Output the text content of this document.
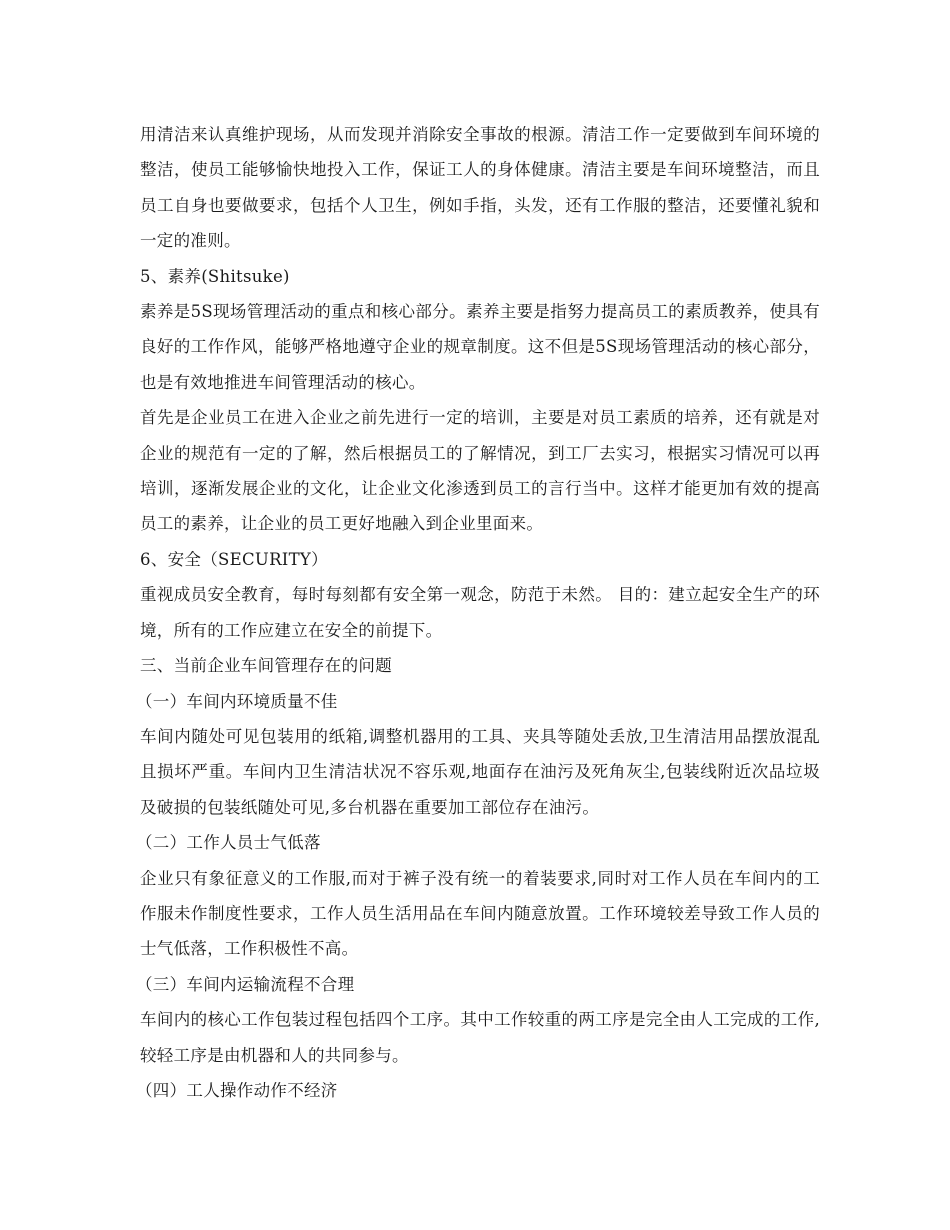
用清洁来认真维护现场，从而发现并消除安全事故的根源。清洁工作一定要做到车间环境的整洁，使员工能够愉快地投入工作，保证工人的身体健康。清洁主要是车间环境整洁，而且员工自身也要做要求，包括个人卫生，例如手指，头发，还有工作服的整洁，还要懂礼貌和一定的准则。

5、素养(Shitsuke)

素养是5S现场管理活动的重点和核心部分。素养主要是指努力提高员工的素质教养，使具有良好的工作作风，能够严格地遵守企业的规章制度。这不但是5S现场管理活动的核心部分，也是有效地推进车间管理活动的核心。

首先是企业员工在进入企业之前先进行一定的培训，主要是对员工素质的培养，还有就是对企业的规范有一定的了解，然后根据员工的了解情况，到工厂去实习，根据实习情况可以再培训，逐渐发展企业的文化，让企业文化渗透到员工的言行当中。这样才能更加有效的提高员工的素养，让企业的员工更好地融入到企业里面来。

6、安全（SECURITY）

重视成员安全教育，每时每刻都有安全第一观念，防范于未然。 目的：建立起安全生产的环境，所有的工作应建立在安全的前提下。

三、当前企业车间管理存在的问题

（一）车间内环境质量不佳

车间内随处可见包装用的纸箱,调整机器用的工具、夹具等随处丢放,卫生清洁用品摆放混乱且损坏严重。车间内卫生清洁状况不容乐观,地面存在油污及死角灰尘,包装线附近次品垃圾及破损的包装纸随处可见,多台机器在重要加工部位存在油污。

（二）工作人员士气低落

企业只有象征意义的工作服,而对于裤子没有统一的着装要求,同时对工作人员在车间内的工作服未作制度性要求，工作人员生活用品在车间内随意放置。工作环境较差导致工作人员的士气低落，工作积极性不高。

（三）车间内运输流程不合理

车间内的核心工作包装过程包括四个工序。其中工作较重的两工序是完全由人工完成的工作,较轻工序是由机器和人的共同参与。

（四）工人操作动作不经济
